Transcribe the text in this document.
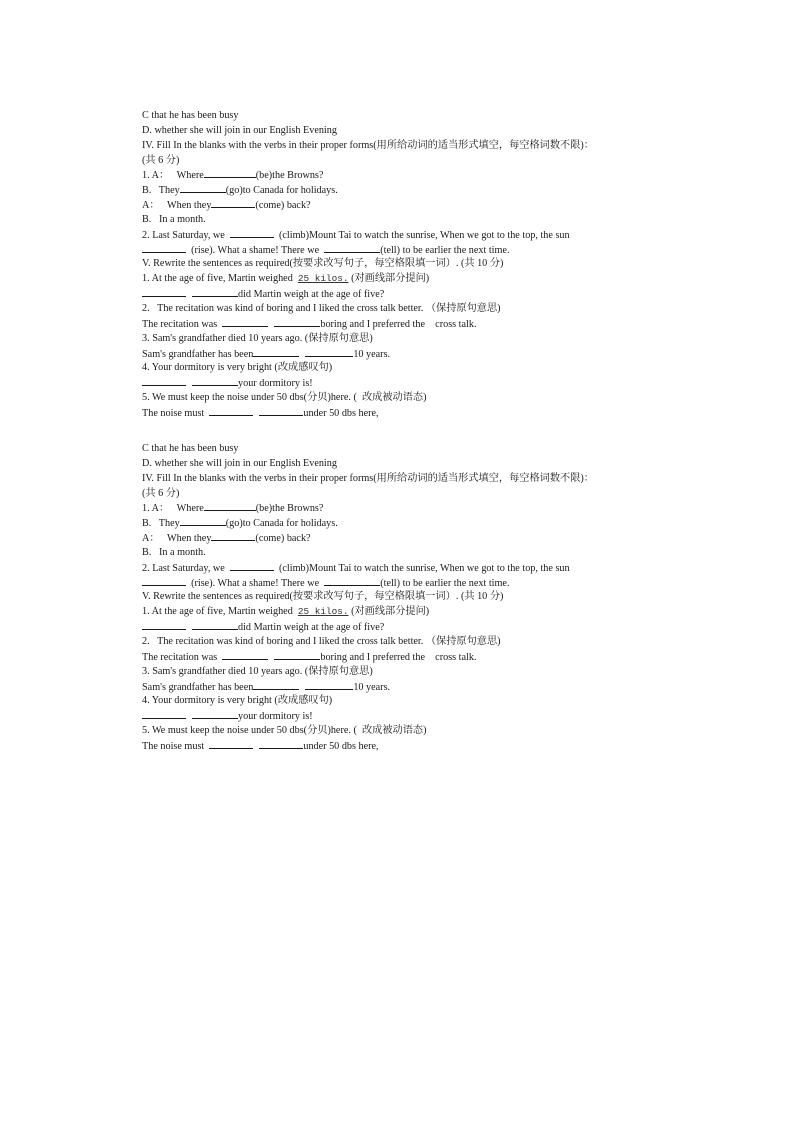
C that he has been busy
D. whether she will join in our English Evening
IV. Fill In the blanks with the verbs in their proper forms(用所给动词的适当形式填空，每空格词数不限)：
(共 6 分)
1. A：   Where	(be)the Browns?
B.   They	(go)to Canada for holidays.
A：   When they	(come) back?
B.   In a month.
2. Last Saturday, we	(climb)Mount Tai to watch the sunrise, When we got to the top, the sun
(rise). What a shame! There we	(tell) to be earlier the next time.
V. Rewrite the sentences as required(按要求改写句子，每空格限填一词）. (共 10 分)
1. At the age of five, Martin weighed  25 kilos. (对画线部分提问)
did Martin weigh at the age of five?
2.   The recitation was kind of boring and I liked the cross talk better. （保持原句意思)
The recitation was	boring and I preferred the    cross talk.
3. Sam's grandfather died 10 years ago. (保持原句意思)
Sam's grandfather has been	10 years.
4. Your dormitory is very bright (改成感叹句)
your dormitory is!
5. We must keep the noise under 50 dbs(分贝)here. (  改成被动语态)
The noise must	under 50 dbs here,
C that he has been busy
D. whether she will join in our English Evening
IV. Fill In the blanks with the verbs in their proper forms(用所给动词的适当形式填空，每空格词数不限)：
(共 6 分)
1. A：   Where	(be)the Browns?
B.   They	(go)to Canada for holidays.
A：   When they	(come) back?
B.   In a month.
2. Last Saturday, we	(climb)Mount Tai to watch the sunrise, When we got to the top, the sun
(rise). What a shame! There we	(tell) to be earlier the next time.
V. Rewrite the sentences as required(按要求改写句子，每空格限填一词）. (共 10 分)
1. At the age of five, Martin weighed  25 kilos. (对画线部分提问)
did Martin weigh at the age of five?
2.   The recitation was kind of boring and I liked the cross talk better. （保持原句意思)
The recitation was	boring and I preferred the    cross talk.
3. Sam's grandfather died 10 years ago. (保持原句意思)
Sam's grandfather has been	10 years.
4. Your dormitory is very bright (改成感叹句)
your dormitory is!
5. We must keep the noise under 50 dbs(分贝)here. (  改成被动语态)
The noise must	under 50 dbs here,
